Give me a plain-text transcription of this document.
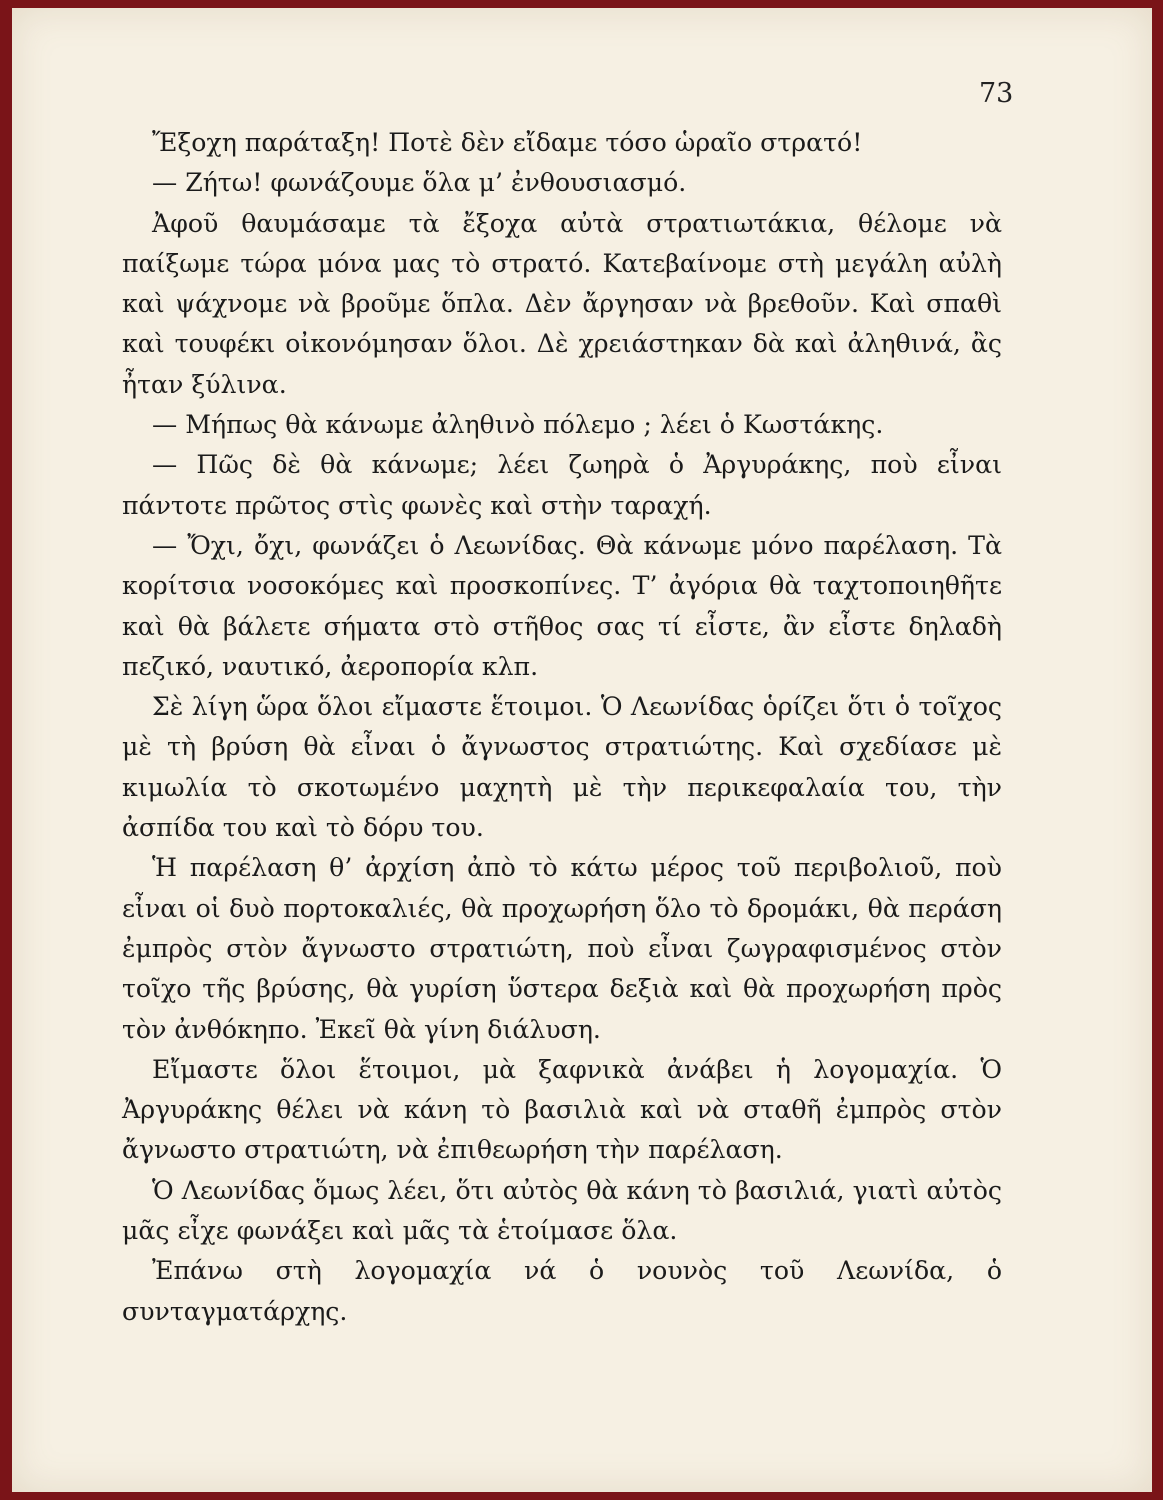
73

Ἔξοχη παράταξη! Ποτὲ δὲν εἴδαμε τόσο ὡραῖο στρατό!

— Ζήτω! φωνάζουμε ὅλα μ’ ἐνθουσιασμό.

Ἀφοῦ θαυμάσαμε τὰ ἔξοχα αὐτὰ στρατιωτάκια, θέλομε νὰ παίξωμε τώρα μόνα μας τὸ στρατό. Κατεβαίνομε στὴ μεγάλη αὐλὴ καὶ ψάχνομε νὰ βροῦμε ὅπλα. Δὲν ἄργησαν νὰ βρεθοῦν. Καὶ σπαθὶ καὶ τουφέκι οἰκονόμησαν ὅλοι. Δὲ χρειάστηκαν δὰ καὶ ἀληθινά, ἂς ἦταν ξύλινα.

— Μήπως θὰ κάνωμε ἀληθινὸ πόλεμο ; λέει ὁ Κωστάκης.

— Πῶς δὲ θὰ κάνωμε; λέει ζωηρὰ ὁ Ἀργυράκης, ποὺ εἶναι πάντοτε πρῶτος στὶς φωνὲς καὶ στὴν ταραχή.

— Ὄχι, ὄχι, φωνάζει ὁ Λεωνίδας. Θὰ κάνωμε μόνο παρέλαση. Τὰ κορίτσια νοσοκόμες καὶ προσκοπίνες. Τ’ ἀγόρια θὰ ταχτοποιηθῆτε καὶ θὰ βάλετε σήματα στὸ στῆθος σας τί εἶστε, ἂν εἶστε δηλαδὴ πεζικό, ναυτικό, ἀεροπορία κλπ.

Σὲ λίγη ὥρα ὅλοι εἴμαστε ἕτοιμοι. Ὁ Λεωνίδας ὁρίζει ὅτι ὁ τοῖχος μὲ τὴ βρύση θὰ εἶναι ὁ ἄγνωστος στρατιώτης. Καὶ σχεδίασε μὲ κιμωλία τὸ σκοτωμένο μαχητὴ μὲ τὴν περικεφαλαία του, τὴν ἀσπίδα του καὶ τὸ δόρυ του.

Ἡ παρέλαση θ’ ἀρχίση ἀπὸ τὸ κάτω μέρος τοῦ περιβολιοῦ, ποὺ εἶναι οἱ δυὸ πορτοκαλιές, θὰ προχωρήση ὅλο τὸ δρομάκι, θὰ περάση ἐμπρὸς στὸν ἄγνωστο στρατιώτη, ποὺ εἶναι ζωγραφισμένος στὸν τοῖχο τῆς βρύσης, θὰ γυρίση ὕστερα δεξιὰ καὶ θὰ προχωρήση πρὸς τὸν ἀνθόκηπο. Ἐκεῖ θὰ γίνη διάλυση.

Εἴμαστε ὅλοι ἕτοιμοι, μὰ ξαφνικὰ ἀνάβει ἡ λογομαχία. Ὁ Ἀργυράκης θέλει νὰ κάνη τὸ βασιλιὰ καὶ νὰ σταθῆ ἐμπρὸς στὸν ἄγνωστο στρατιώτη, νὰ ἐπιθεωρήση τὴν παρέλαση.

Ὁ Λεωνίδας ὅμως λέει, ὅτι αὐτὸς θὰ κάνη τὸ βασιλιά, γιατὶ αὐτὸς μᾶς εἶχε φωνάξει καὶ μᾶς τὰ ἑτοίμασε ὅλα.

Ἐπάνω στὴ λογομαχία νά ὁ νουνὸς τοῦ Λεωνίδα, ὁ συνταγματάρχης.
